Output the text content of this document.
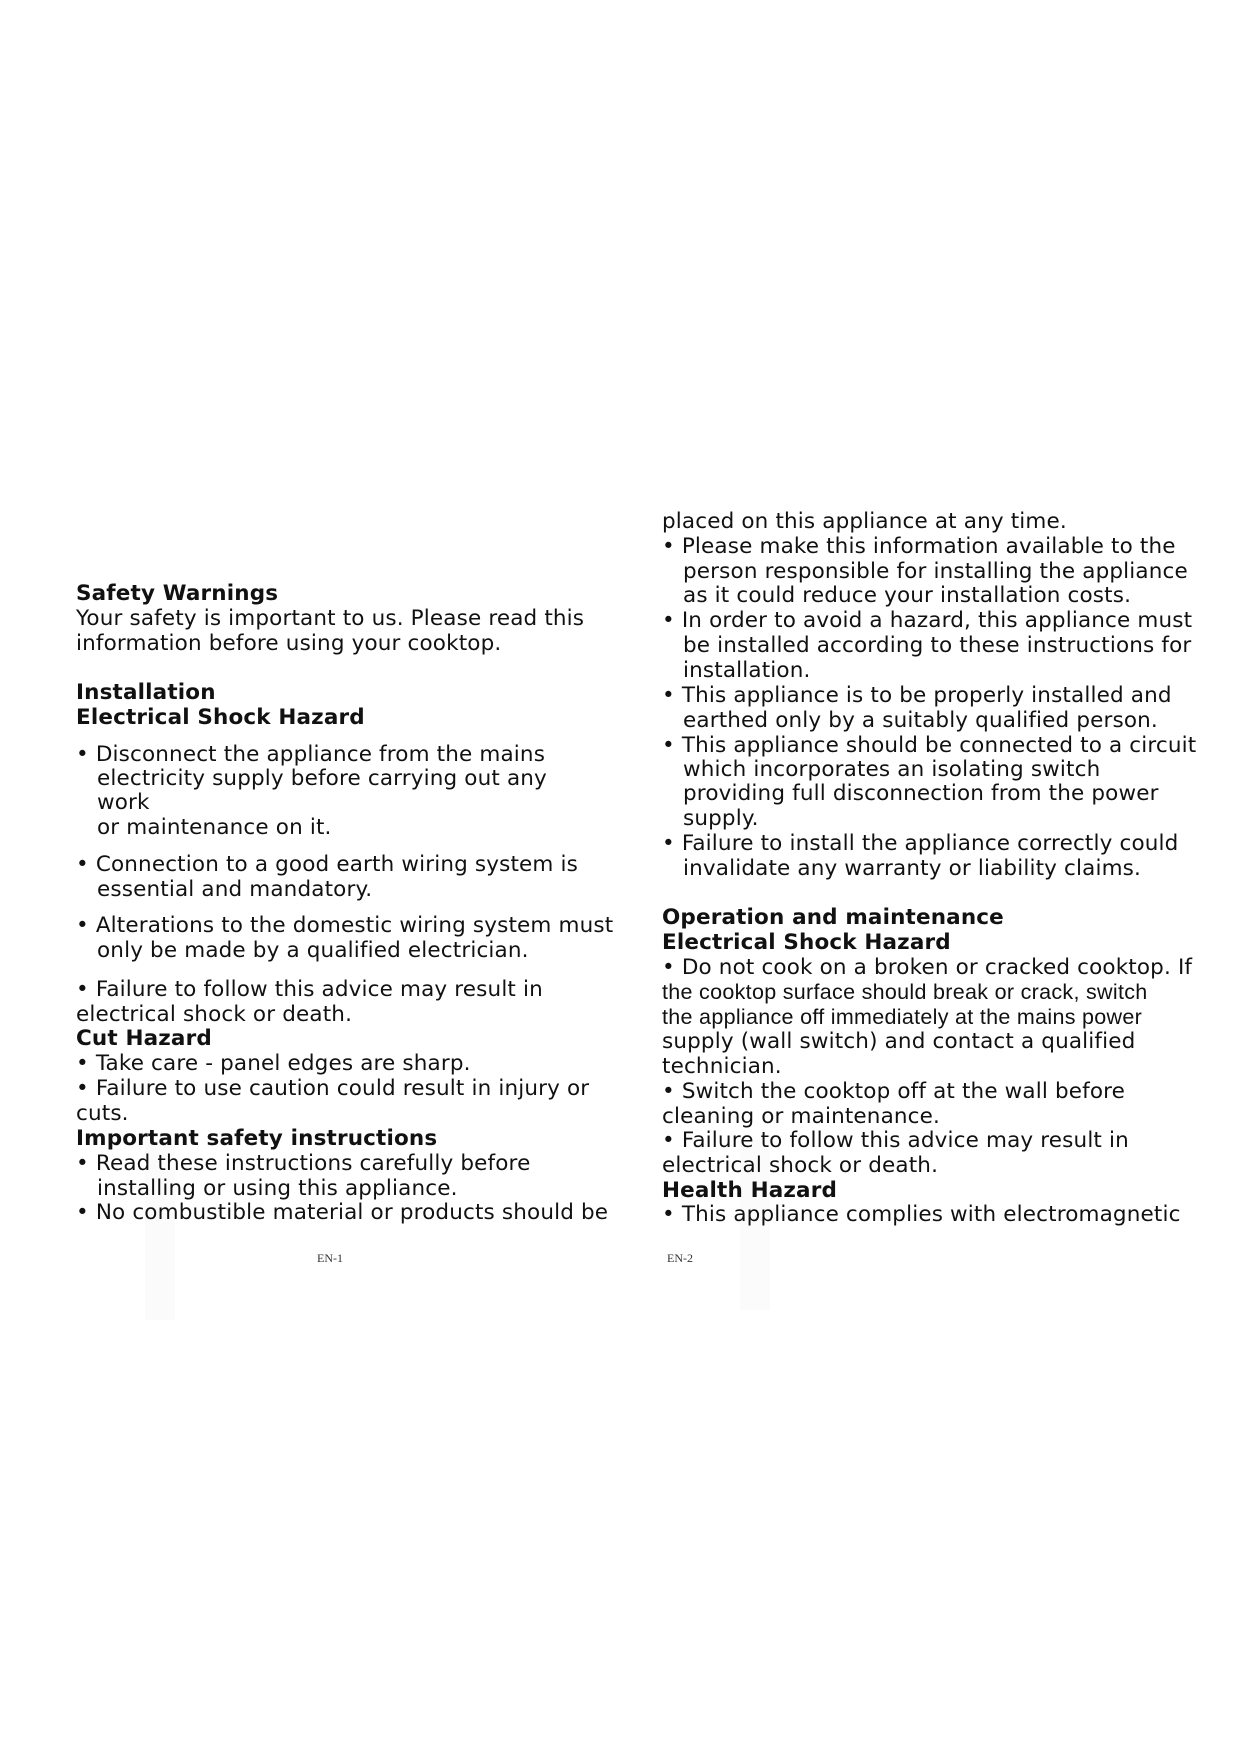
Safety Warnings
Your safety is important to us. Please read this
information before using your cooktop.
Installation
Electrical Shock Hazard
• Disconnect the appliance from the mains
electricity supply before carrying out any
work
or maintenance on it.
• Connection to a good earth wiring system is
essential and mandatory.
• Alterations to the domestic wiring system must
only be made by a qualified electrician.
• Failure to follow this advice may result in
electrical shock or death.
Cut Hazard
• Take care - panel edges are sharp.
• Failure to use caution could result in injury or
cuts.
Important safety instructions
• Read these instructions carefully before
installing or using this appliance.
• No combustible material or products should be
EN-1
placed on this appliance at any time.
• Please make this information available to the
person responsible for installing the appliance
as it could reduce your installation costs.
• In order to avoid a hazard, this appliance must
be installed according to these instructions for
installation.
• This appliance is to be properly installed and
earthed only by a suitably qualified person.
• This appliance should be connected to a circuit
which incorporates an isolating switch
providing full disconnection from the power
supply.
• Failure to install the appliance correctly could
invalidate any warranty or liability claims.
Operation and maintenance
Electrical Shock Hazard
• Do not cook on a broken or cracked cooktop. If
the cooktop surface should break or crack, switch
the appliance off immediately at the mains power
supply (wall switch) and contact a qualified
technician.
• Switch the cooktop off at the wall before
cleaning or maintenance.
• Failure to follow this advice may result in
electrical shock or death.
Health Hazard
• This appliance complies with electromagnetic
EN-2
